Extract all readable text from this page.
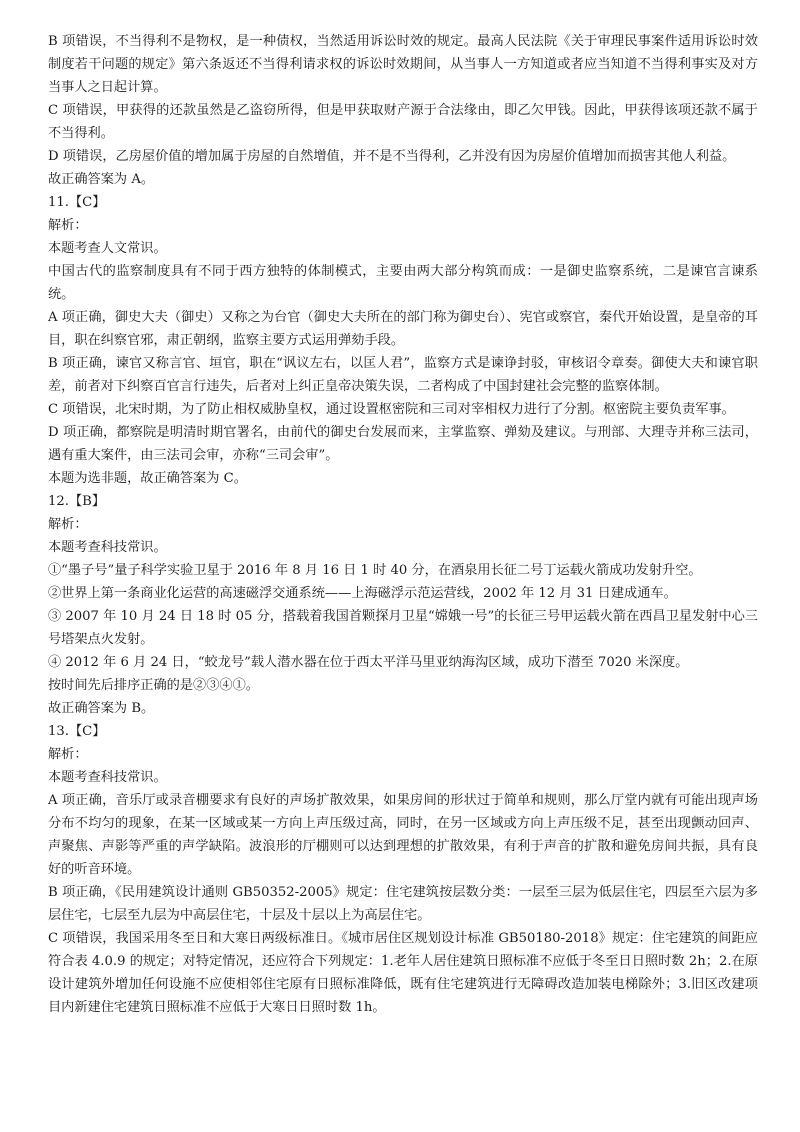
B 项错误，不当得利不是物权，是一种债权，当然适用诉讼时效的规定。最高人民法院《关于审理民事案件适用诉讼时效制度若干问题的规定》第六条返还不当得利请求权的诉讼时效期间，从当事人一方知道或者应当知道不当得利事实及对方当事人之日起计算。

C 项错误，甲获得的还款虽然是乙盗窃所得，但是甲获取财产源于合法缘由，即乙欠甲钱。因此，甲获得该项还款不属于不当得利。

D 项错误，乙房屋价值的增加属于房屋的自然增值，并不是不当得利，乙并没有因为房屋价值增加而损害其他人利益。

故正确答案为 A。

11.【C】

解析：

本题考查人文常识。

中国古代的监察制度具有不同于西方独特的体制模式，主要由两大部分构筑而成：一是御史监察系统，二是谏官言谏系统。

A 项正确，御史大夫（御史）又称之为台官（御史大夫所在的部门称为御史台）、宪官或察官，秦代开始设置，是皇帝的耳目，职在纠察官邪，肃正朝纲，监察主要方式运用弹劾手段。

B 项正确，谏官又称言官、垣官，职在“讽议左右，以匡人君”，监察方式是谏诤封驳，审核诏令章奏。御使大夫和谏官职差，前者对下纠察百官言行违失，后者对上纠正皇帝决策失误，二者构成了中国封建社会完整的监察体制。

C 项错误，北宋时期，为了防止相权威胁皇权，通过设置枢密院和三司对宰相权力进行了分割。枢密院主要负责军事。

D 项正确，都察院是明清时期官署名，由前代的御史台发展而来，主掌监察、弹劾及建议。与刑部、大理寺并称三法司，遇有重大案件，由三法司会审，亦称“三司会审”。

本题为选非题，故正确答案为 C。

12.【B】

解析：

本题考查科技常识。

①“墨子号”量子科学实验卫星于 2016 年 8 月 16 日 1 时 40 分，在酒泉用长征二号丁运载火箭成功发射升空。

②世界上第一条商业化运营的高速磁浮交通系统——上海磁浮示范运营线，2002 年 12 月 31 日建成通车。

③ 2007 年 10 月 24 日 18 时 05 分，搭载着我国首颗探月卫星“嫦娥一号”的长征三号甲运载火箭在西昌卫星发射中心三号塔架点火发射。

④ 2012 年 6 月 24 日，“蛟龙号”载人潜水器在位于西太平洋马里亚纳海沟区域，成功下潜至 7020 米深度。

按时间先后排序正确的是②③④①。

故正确答案为 B。

13.【C】

解析：

本题考查科技常识。

A 项正确，音乐厅或录音棚要求有良好的声场扩散效果，如果房间的形状过于简单和规则，那么厅堂内就有可能出现声场分布不均匀的现象，在某一区域或某一方向上声压级过高，同时，在另一区域或方向上声压级不足，甚至出现颤动回声、声聚焦、声影等严重的声学缺陷。波浪形的厅棚则可以达到理想的扩散效果，有利于声音的扩散和避免房间共振，具有良好的听音环境。

B 项正确，《民用建筑设计通则 GB50352-2005》规定：住宅建筑按层数分类：一层至三层为低层住宅，四层至六层为多层住宅，七层至九层为中高层住宅，十层及十层以上为高层住宅。

C 项错误，我国采用冬至日和大寒日两级标准日。《城市居住区规划设计标准 GB50180-2018》规定：住宅建筑的间距应符合表 4.0.9 的规定；对特定情况，还应符合下列规定：1.老年人居住建筑日照标准不应低于冬至日日照时数 2h；2.在原设计建筑外增加任何设施不应使相邻住宅原有日照标准降低，既有住宅建筑进行无障碍改造加装电梯除外；3.旧区改建项目内新建住宅建筑日照标准不应低于大寒日日照时数 1h。
